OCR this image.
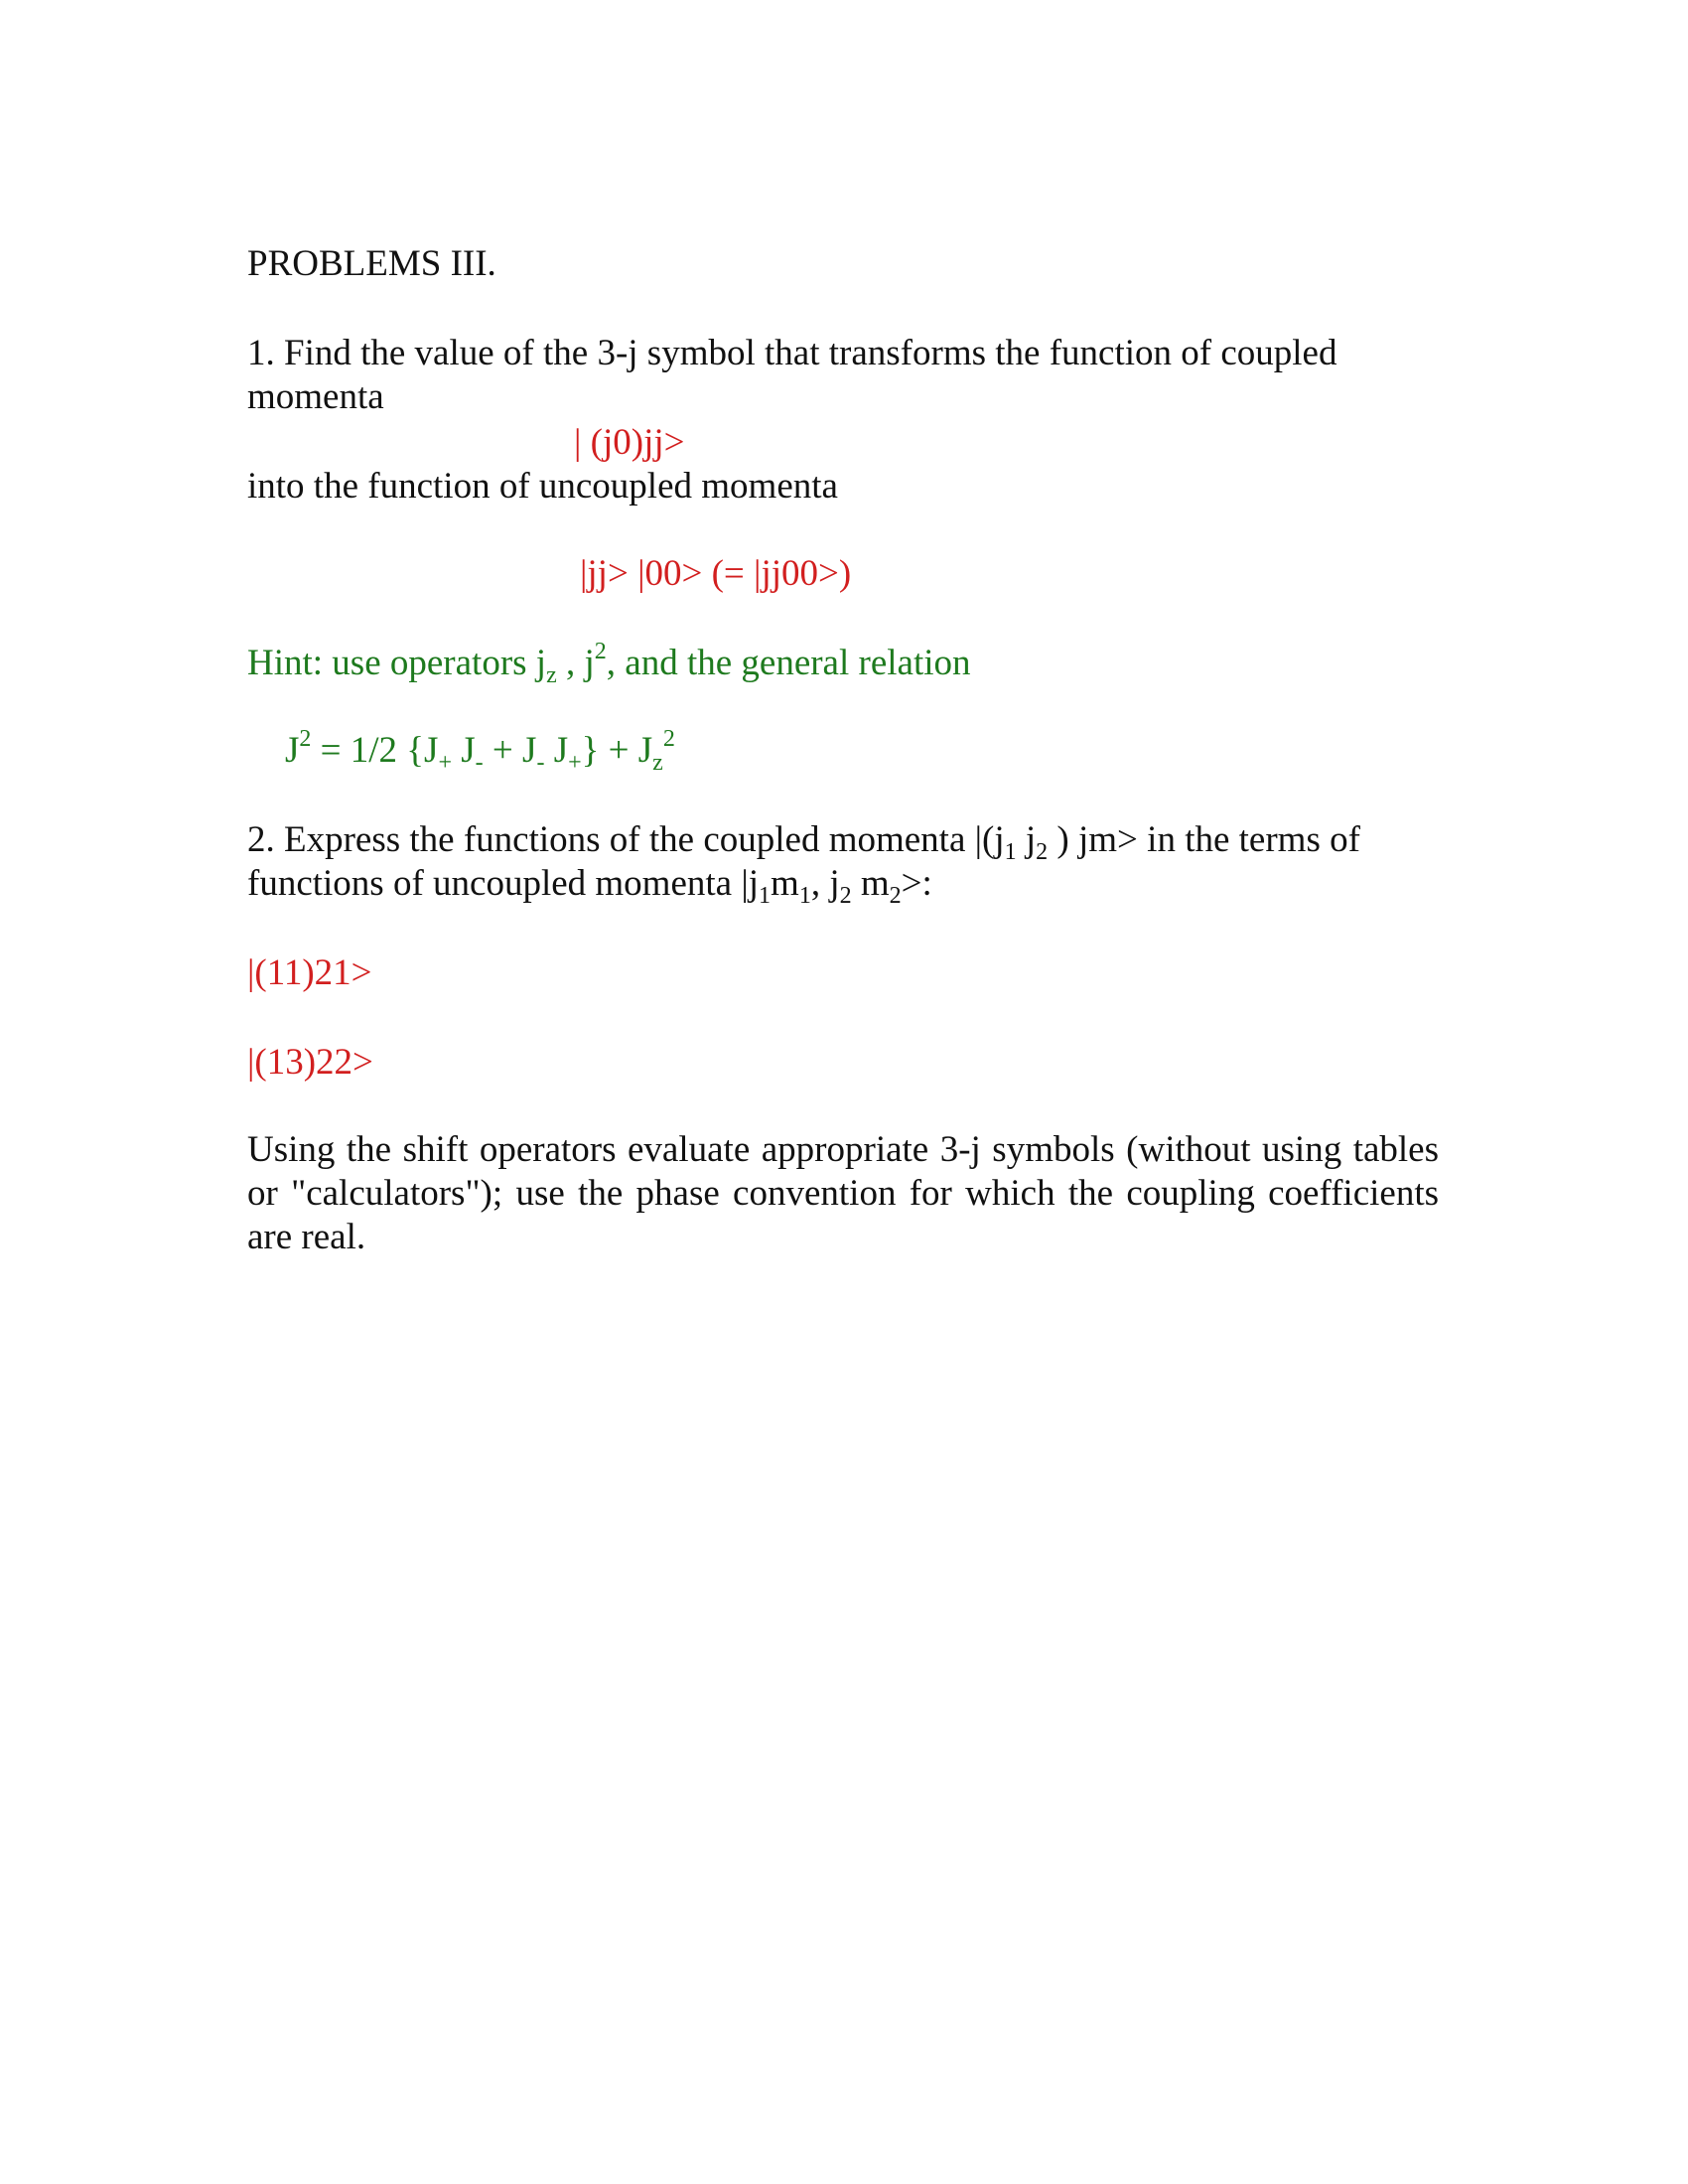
PROBLEMS III.
1. Find the value of the 3-j symbol that transforms the function of coupled
momenta
| (j0)jj>
into the function of uncoupled momenta
|jj> |00> (= |jj00>)
Hint: use operators $j_z$ , $j^2$, and the general relation
$J^2 = 1/2$ {$J_+$ $J_- + J_-$ $J_+\} + J_z^2$
2. Express the functions of the coupled momenta $|(j_1$ $j_2$ ) jm> in the terms of
functions of uncoupled momenta $|j_1m_1$, $j_2$ $m_2>$:
|(11)21>
|(13)22>
Using the shift operators evaluate appropriate 3-j symbols (without using tables or "calculators"); use the phase convention for which the coupling coefficients are real.
